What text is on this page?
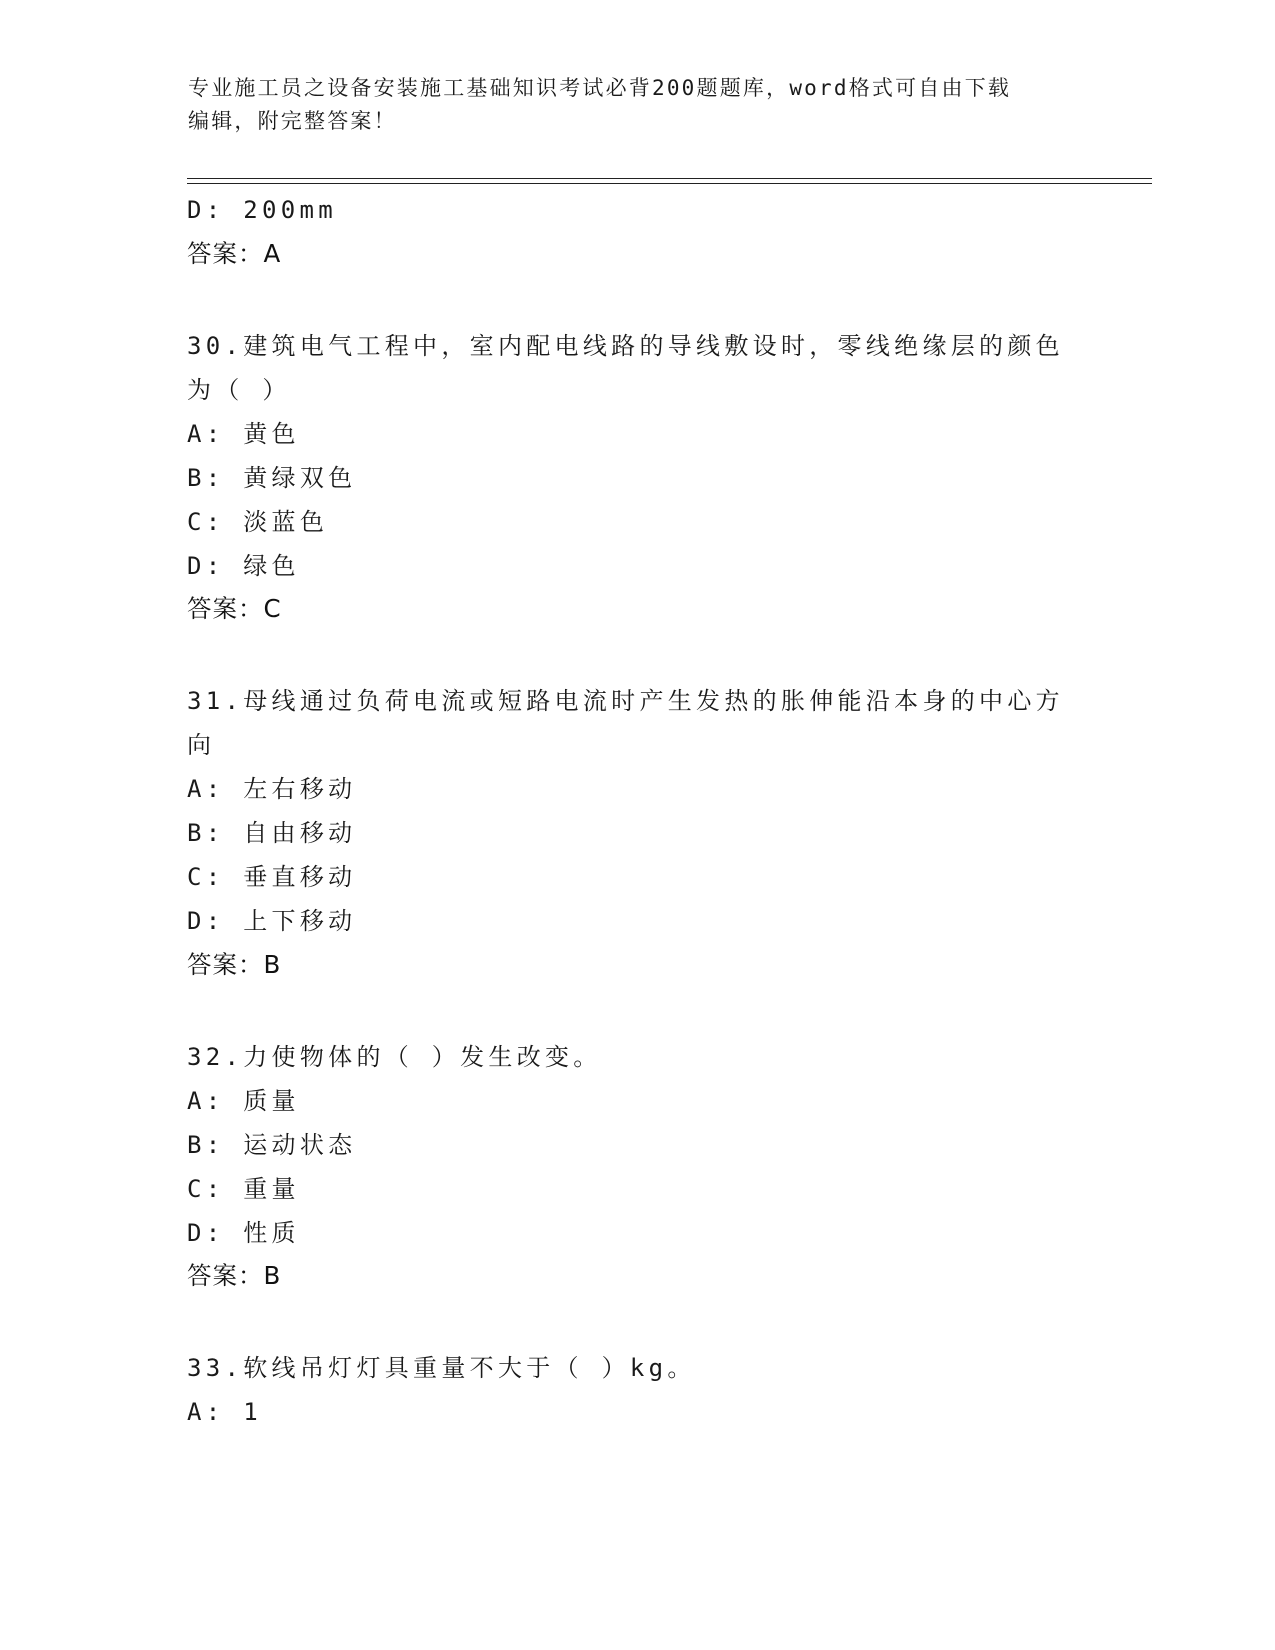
专业施工员之设备安装施工基础知识考试必背200题题库，word格式可自由下载
编辑，附完整答案！
D: 200mm
答案：A
30.建筑电气工程中，室内配电线路的导线敷设时，零线绝缘层的颜色
为（ ）
A: 黄色
B: 黄绿双色
C: 淡蓝色
D: 绿色
答案：C
31.母线通过负荷电流或短路电流时产生发热的胀伸能沿本身的中心方
向
A: 左右移动
B: 自由移动
C: 垂直移动
D: 上下移动
答案：B
32.力使物体的（ ）发生改变。
A: 质量
B: 运动状态
C: 重量
D: 性质
答案：B
33.软线吊灯灯具重量不大于（ ）kg。
A: 1
